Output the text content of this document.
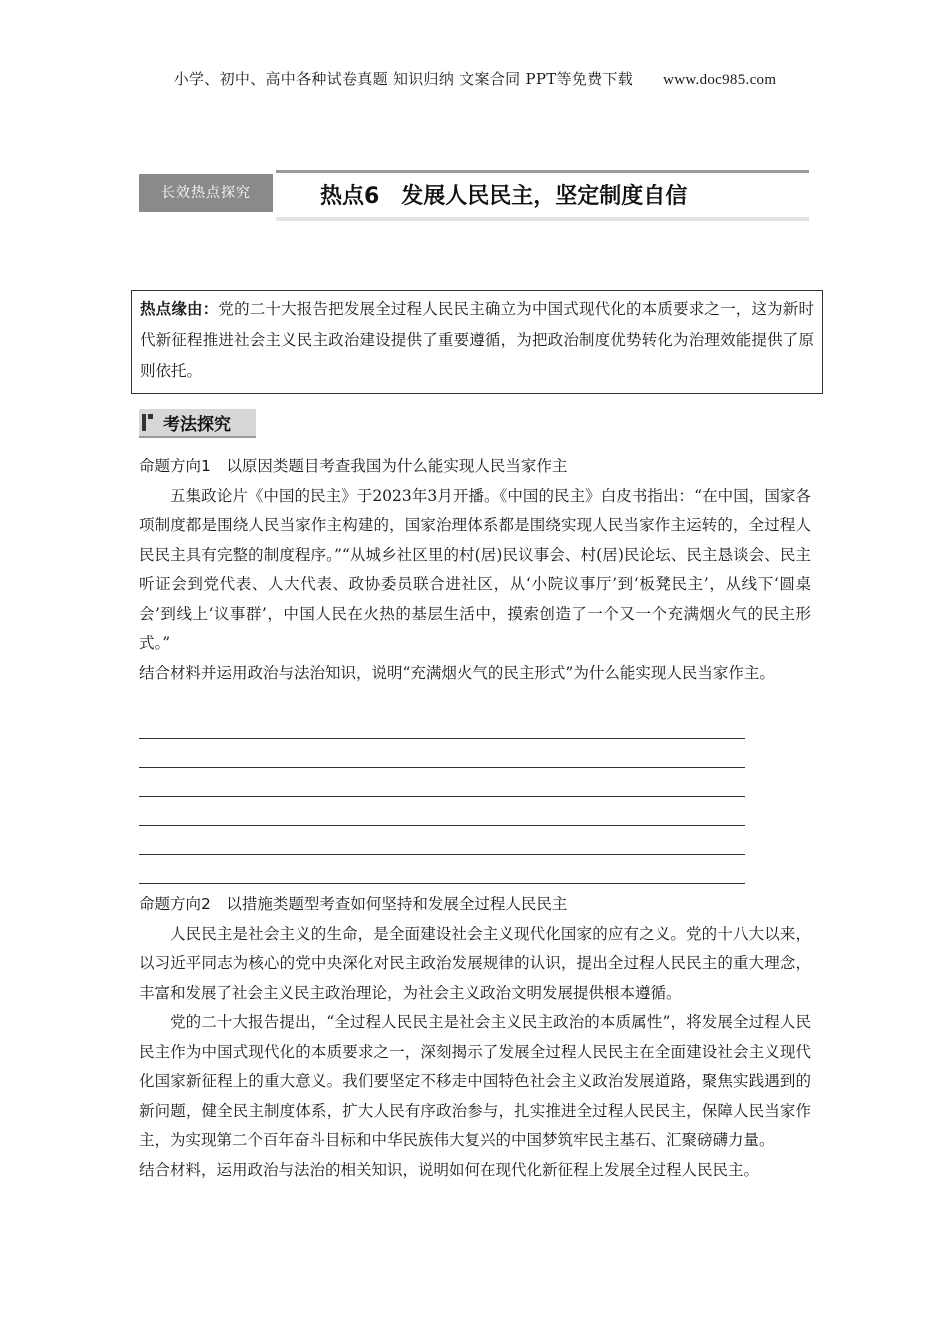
小学、初中、高中各种试卷真题 知识归纳 文案合同 PPT等免费下载 www.doc985.com
长效热点探究	热点6　发展人民民主，坚定制度自信
热点缘由：党的二十大报告把发展全过程人民民主确立为中国式现代化的本质要求之一，这为新时代新征程推进社会主义民主政治建设提供了重要遵循，为把政治制度优势转化为治理效能提供了原则依托。
考法探究

命题方向1　以原因类题目考查我国为什么能实现人民当家作主

五集政论片《中国的民主》于2023年3月开播。《中国的民主》白皮书指出：“在中国，国家各项制度都是围绕人民当家作主构建的，国家治理体系都是围绕实现人民当家作主运转的，全过程人民民主具有完整的制度程序。”“从城乡社区里的村(居)民议事会、村(居)民论坛、民主恳谈会、民主听证会到党代表、人大代表、政协委员联合进社区，从‘小院议事厅’到‘板凳民主’，从线下‘圆桌会’到线上‘议事群’，中国人民在火热的基层生活中，摸索创造了一个又一个充满烟火气的民主形式。”

结合材料并运用政治与法治知识，说明“充满烟火气的民主形式”为什么能实现人民当家作主。

命题方向2　以措施类题型考查如何坚持和发展全过程人民民主

人民民主是社会主义的生命，是全面建设社会主义现代化国家的应有之义。党的十八大以来，以习近平同志为核心的党中央深化对民主政治发展规律的认识，提出全过程人民民主的重大理念，丰富和发展了社会主义民主政治理论，为社会主义政治文明发展提供根本遵循。

党的二十大报告提出，“全过程人民民主是社会主义民主政治的本质属性”，将发展全过程人民民主作为中国式现代化的本质要求之一，深刻揭示了发展全过程人民民主在全面建设社会主义现代化国家新征程上的重大意义。我们要坚定不移走中国特色社会主义政治发展道路，聚焦实践遇到的新问题，健全民主制度体系，扩大人民有序政治参与，扎实推进全过程人民民主，保障人民当家作主，为实现第二个百年奋斗目标和中华民族伟大复兴的中国梦筑牢民主基石、汇聚磅礴力量。

结合材料，运用政治与法治的相关知识，说明如何在现代化新征程上发展全过程人民民主。
